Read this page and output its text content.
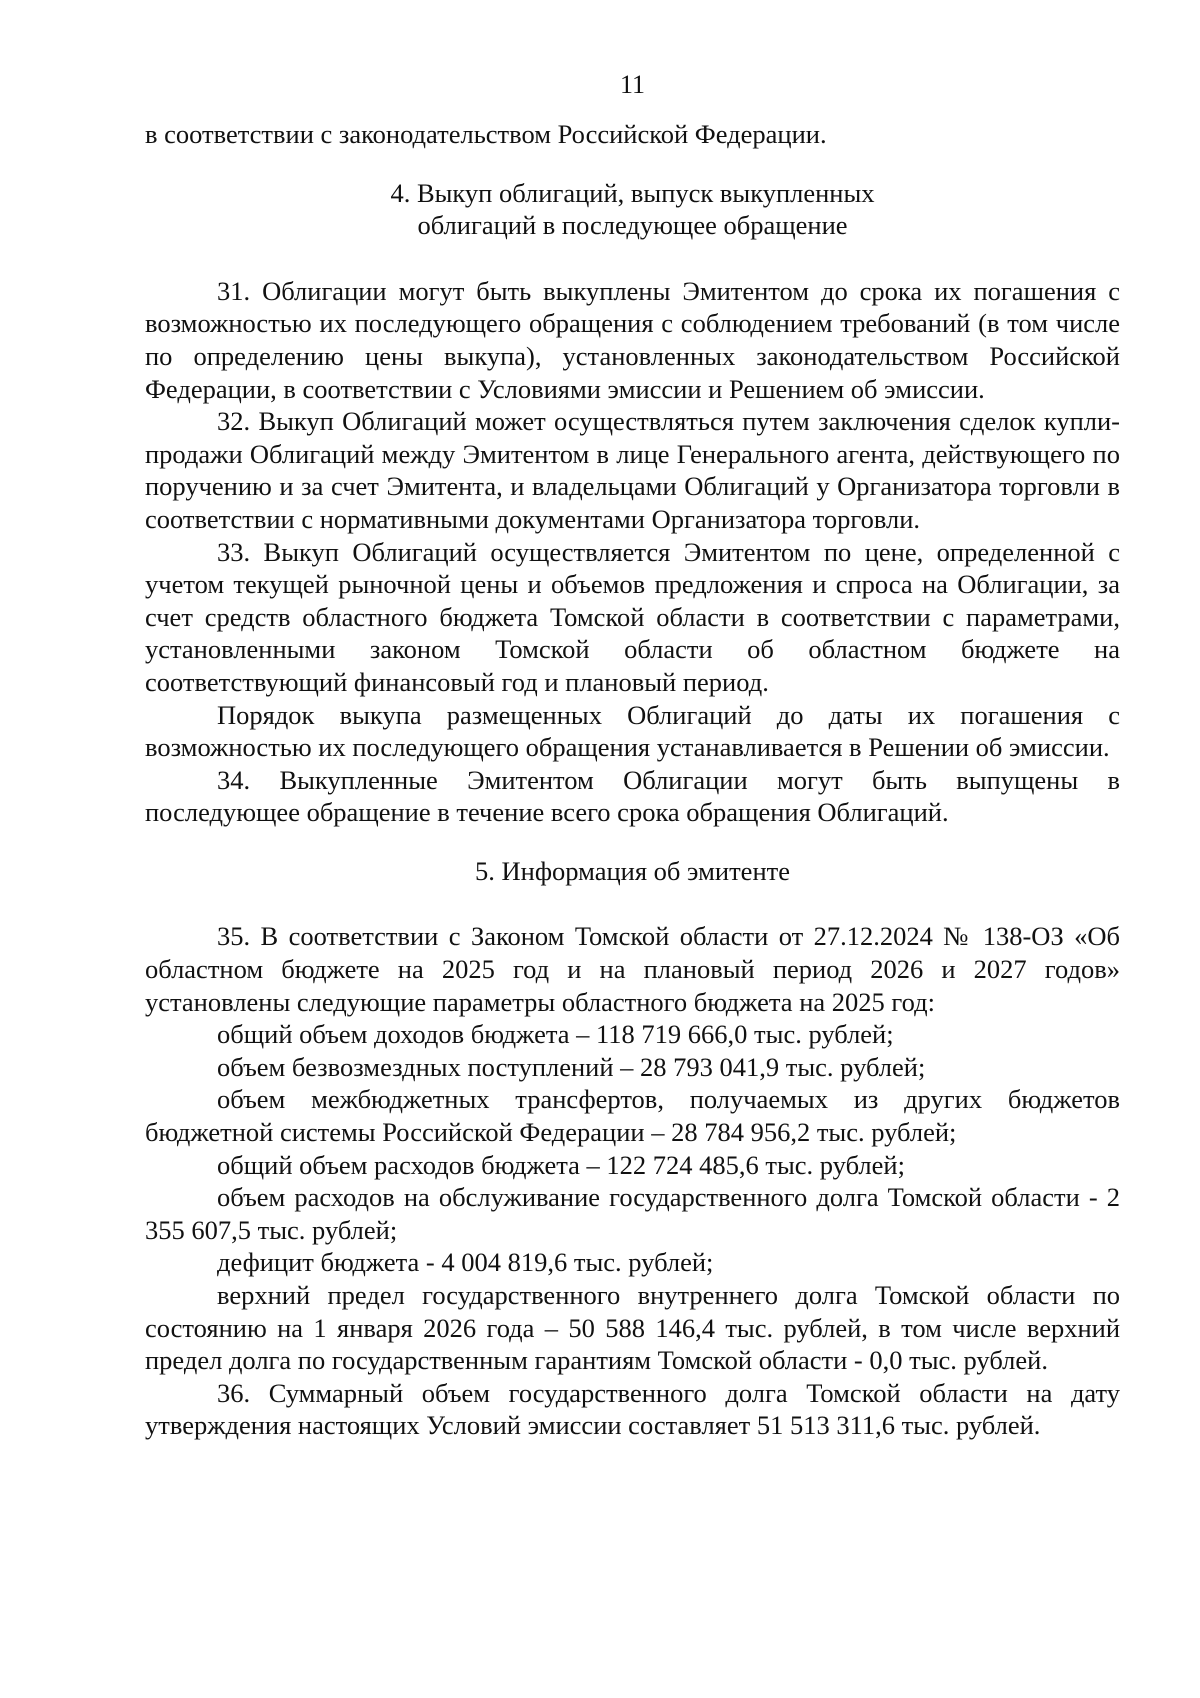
11

в соответствии с законодательством Российской Федерации.

4. Выкуп облигаций, выпуск выкупленных
облигаций в последующее обращение

31. Облигации могут быть выкуплены Эмитентом до срока их погашения с возможностью их последующего обращения с соблюдением требований (в том числе по определению цены выкупа), установленных законодательством Российской Федерации, в соответствии с Условиями эмиссии и Решением об эмиссии.

32. Выкуп Облигаций может осуществляться путем заключения сделок купли-продажи Облигаций между Эмитентом в лице Генерального агента, действующего по поручению и за счет Эмитента, и владельцами Облигаций у Организатора торговли в соответствии с нормативными документами Организатора торговли.

33. Выкуп Облигаций осуществляется Эмитентом по цене, определенной с учетом текущей рыночной цены и объемов предложения и спроса на Облигации, за счет средств областного бюджета Томской области в соответствии с параметрами, установленными законом Томской области об областном бюджете на соответствующий финансовый год и плановый период.

Порядок выкупа размещенных Облигаций до даты их погашения с возможностью их последующего обращения устанавливается в Решении об эмиссии.

34. Выкупленные Эмитентом Облигации могут быть выпущены в последующее обращение в течение всего срока обращения Облигаций.

5. Информация об эмитенте

35. В соответствии с Законом Томской области от 27.12.2024 № 138-ОЗ «Об областном бюджете на 2025 год и на плановый период 2026 и 2027 годов» установлены следующие параметры областного бюджета на 2025 год:

общий объем доходов бюджета – 118 719 666,0 тыс. рублей;

объем безвозмездных поступлений – 28 793 041,9 тыс. рублей;

объем межбюджетных трансфертов, получаемых из других бюджетов бюджетной системы Российской Федерации – 28 784 956,2 тыс. рублей;

общий объем расходов бюджета – 122 724 485,6 тыс. рублей;

объем расходов на обслуживание государственного долга Томской области - 2 355 607,5 тыс. рублей;

дефицит бюджета - 4 004 819,6 тыс. рублей;

верхний предел государственного внутреннего долга Томской области по состоянию на 1 января 2026 года – 50 588 146,4 тыс. рублей, в том числе верхний предел долга по государственным гарантиям Томской области - 0,0 тыс. рублей.

36. Суммарный объем государственного долга Томской области на дату утверждения настоящих Условий эмиссии составляет 51 513 311,6 тыс. рублей.
